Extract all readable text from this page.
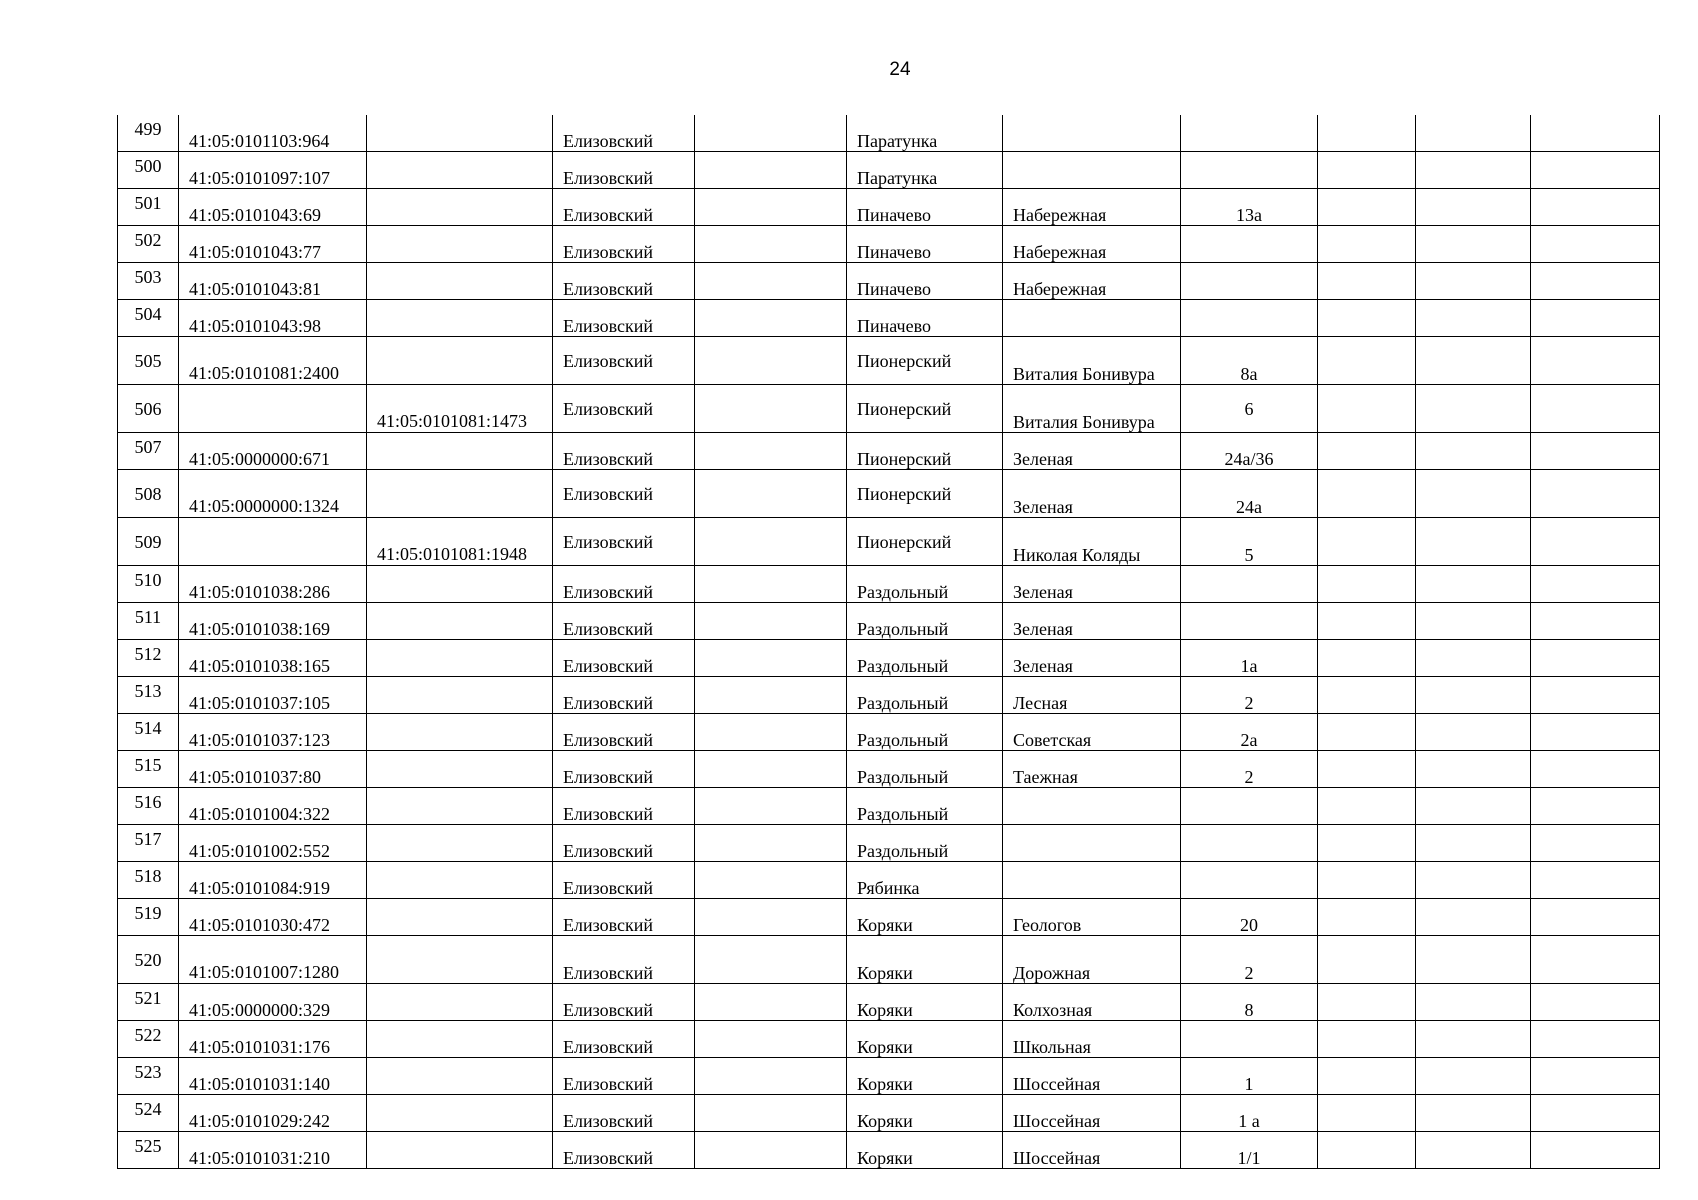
24
499	41:05:0101103:964		Елизовский		Паратунка					
500	41:05:0101097:107		Елизовский		Паратунка					
501	41:05:0101043:69		Елизовский		Пиначево	Набережная	13а			
502	41:05:0101043:77		Елизовский		Пиначево	Набережная				
503	41:05:0101043:81		Елизовский		Пиначево	Набережная				
504	41:05:0101043:98		Елизовский		Пиначево					
505	41:05:0101081:2400		Елизовский		Пионерский	Виталия Бонивура	8а			
506		41:05:0101081:1473	Елизовский		Пионерский	Виталия Бонивура	6			
507	41:05:0000000:671		Елизовский		Пионерский	Зеленая	24а/36			
508	41:05:0000000:1324		Елизовский		Пионерский	Зеленая	24а			
509		41:05:0101081:1948	Елизовский		Пионерский	Николая Коляды	5			
510	41:05:0101038:286		Елизовский		Раздольный	Зеленая				
511	41:05:0101038:169		Елизовский		Раздольный	Зеленая				
512	41:05:0101038:165		Елизовский		Раздольный	Зеленая	1а			
513	41:05:0101037:105		Елизовский		Раздольный	Лесная	2			
514	41:05:0101037:123		Елизовский		Раздольный	Советская	2а			
515	41:05:0101037:80		Елизовский		Раздольный	Таежная	2			
516	41:05:0101004:322		Елизовский		Раздольный					
517	41:05:0101002:552		Елизовский		Раздольный					
518	41:05:0101084:919		Елизовский		Рябинка					
519	41:05:0101030:472		Елизовский		Коряки	Геологов	20			
520	41:05:0101007:1280		Елизовский		Коряки	Дорожная	2			
521	41:05:0000000:329		Елизовский		Коряки	Колхозная	8			
522	41:05:0101031:176		Елизовский		Коряки	Школьная				
523	41:05:0101031:140		Елизовский		Коряки	Шоссейная	1			
524	41:05:0101029:242		Елизовский		Коряки	Шоссейная	1 а			
525	41:05:0101031:210		Елизовский		Коряки	Шоссейная	1/1			
